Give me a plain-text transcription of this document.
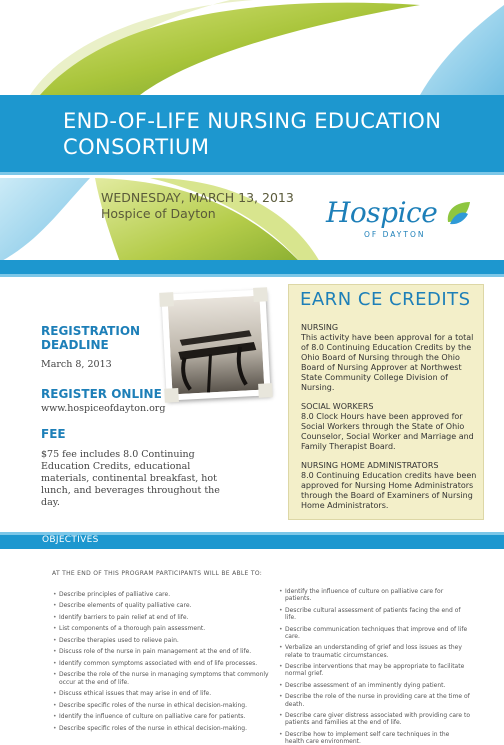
END-OF-LIFE NURSING EDUCATION
CONSORTIUM
WEDNESDAY, MARCH 13, 2013
Hospice of Dayton	Hospice
OF DAYTON
REGISTRATION
DEADLINE
March 8, 2013
REGISTER ONLINE
www.hospiceofdayton.org
FEE
$75 fee includes 8.0 Continuing Education Credits, educational materials, continental breakfast, hot lunch, and beverages throughout the day.
EARN CE CREDITS
NURSING
This activity have been approval for a total of 8.0 Continuing Education Credits by the Ohio Board of Nursing through the Ohio Board of Nursing Approver at Northwest State Community College Division of Nursing.
SOCIAL WORKERS
8.0 Clock Hours have been approved for Social Workers through the State of Ohio Counselor, Social Worker and Marriage and Family Therapist Board.
NURSING HOME ADMINISTRATORS
8.0 Continuing Education credits have been approved for Nursing Home Administrators through the Board of Examiners of Nursing Home Administrators.
OBJECTIVES
AT THE END OF THIS PROGRAM PARTICIPANTS WILL BE ABLE TO:
• Describe principles of palliative care.
• Describe elements of quality palliative care.
• Identify barriers to pain relief at end of life.
• List components of a thorough pain assessment.
• Describe therapies used to relieve pain.
• Discuss role of the nurse in pain management at the end of life.
• Identify common symptoms associated with end of life processes.
• Describe the role of the nurse in managing symptoms that commonly occur at the end of life.
• Discuss ethical issues that may arise in end of life.
• Describe specific roles of the nurse in ethical decision-making.
• Identify the influence of culture on palliative care for patients.
• Describe specific roles of the nurse in ethical decision-making.
• Identify the influence of culture on palliative care for patients.
• Describe cultural assessment of patients facing the end of life.
• Describe communication techniques that improve end of life care.
• Verbalize an understanding of grief and loss issues as they relate to traumatic circumstances.
• Describe interventions that may be appropriate to facilitate normal grief.
• Describe assessment of an imminently dying patient.
• Describe the role of the nurse in providing care at the time of death.
• Describe care giver distress associated with providing care to patients and families at the end of life.
• Describe how to implement self care techniques in the health care environment.
